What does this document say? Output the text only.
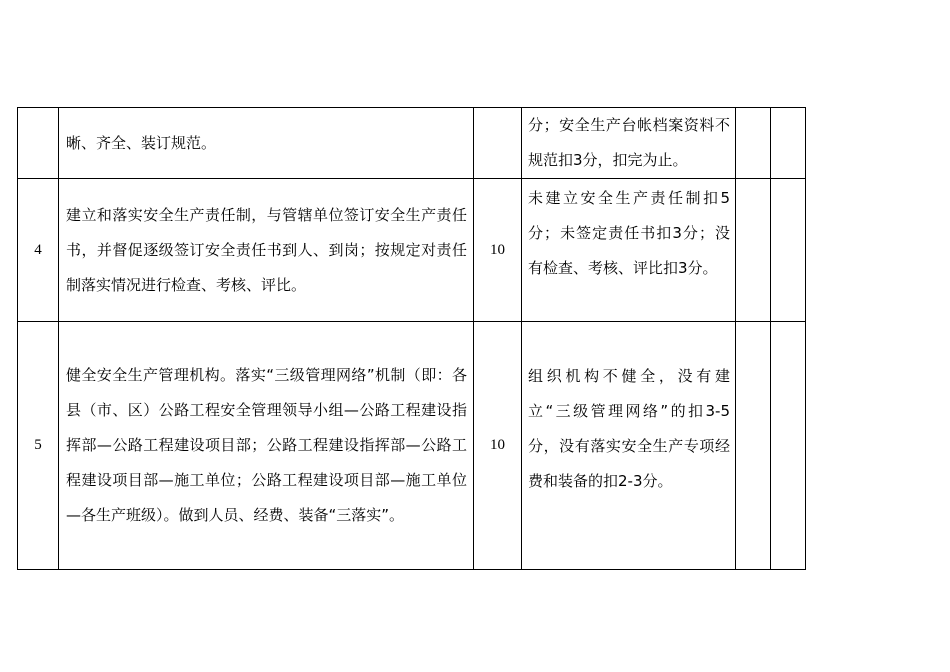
	晰、齐全、装订规范。		分；安全生产台帐档案资料不规范扣3分，扣完为止。		

4	建立和落实安全生产责任制，与管辖单位签订安全生产责任书，并督促逐级签订安全责任书到人、到岗；按规定对责任制落实情况进行检查、考核、评比。	10	未建立安全生产责任制扣5分；未签定责任书扣3分；没有检查、考核、评比扣3分。		

5	健全安全生产管理机构。落实“三级管理网络”机制（即：各县（市、区）公路工程安全管理领导小组—公路工程建设指挥部—公路工程建设项目部；公路工程建设指挥部—公路工程建设项目部—施工单位；公路工程建设项目部—施工单位—各生产班级）。做到人员、经费、装备“三落实”。	10	组织机构不健全，没有建立“三级管理网络”的扣3-5分，没有落实安全生产专项经费和装备的扣2-3分。		
